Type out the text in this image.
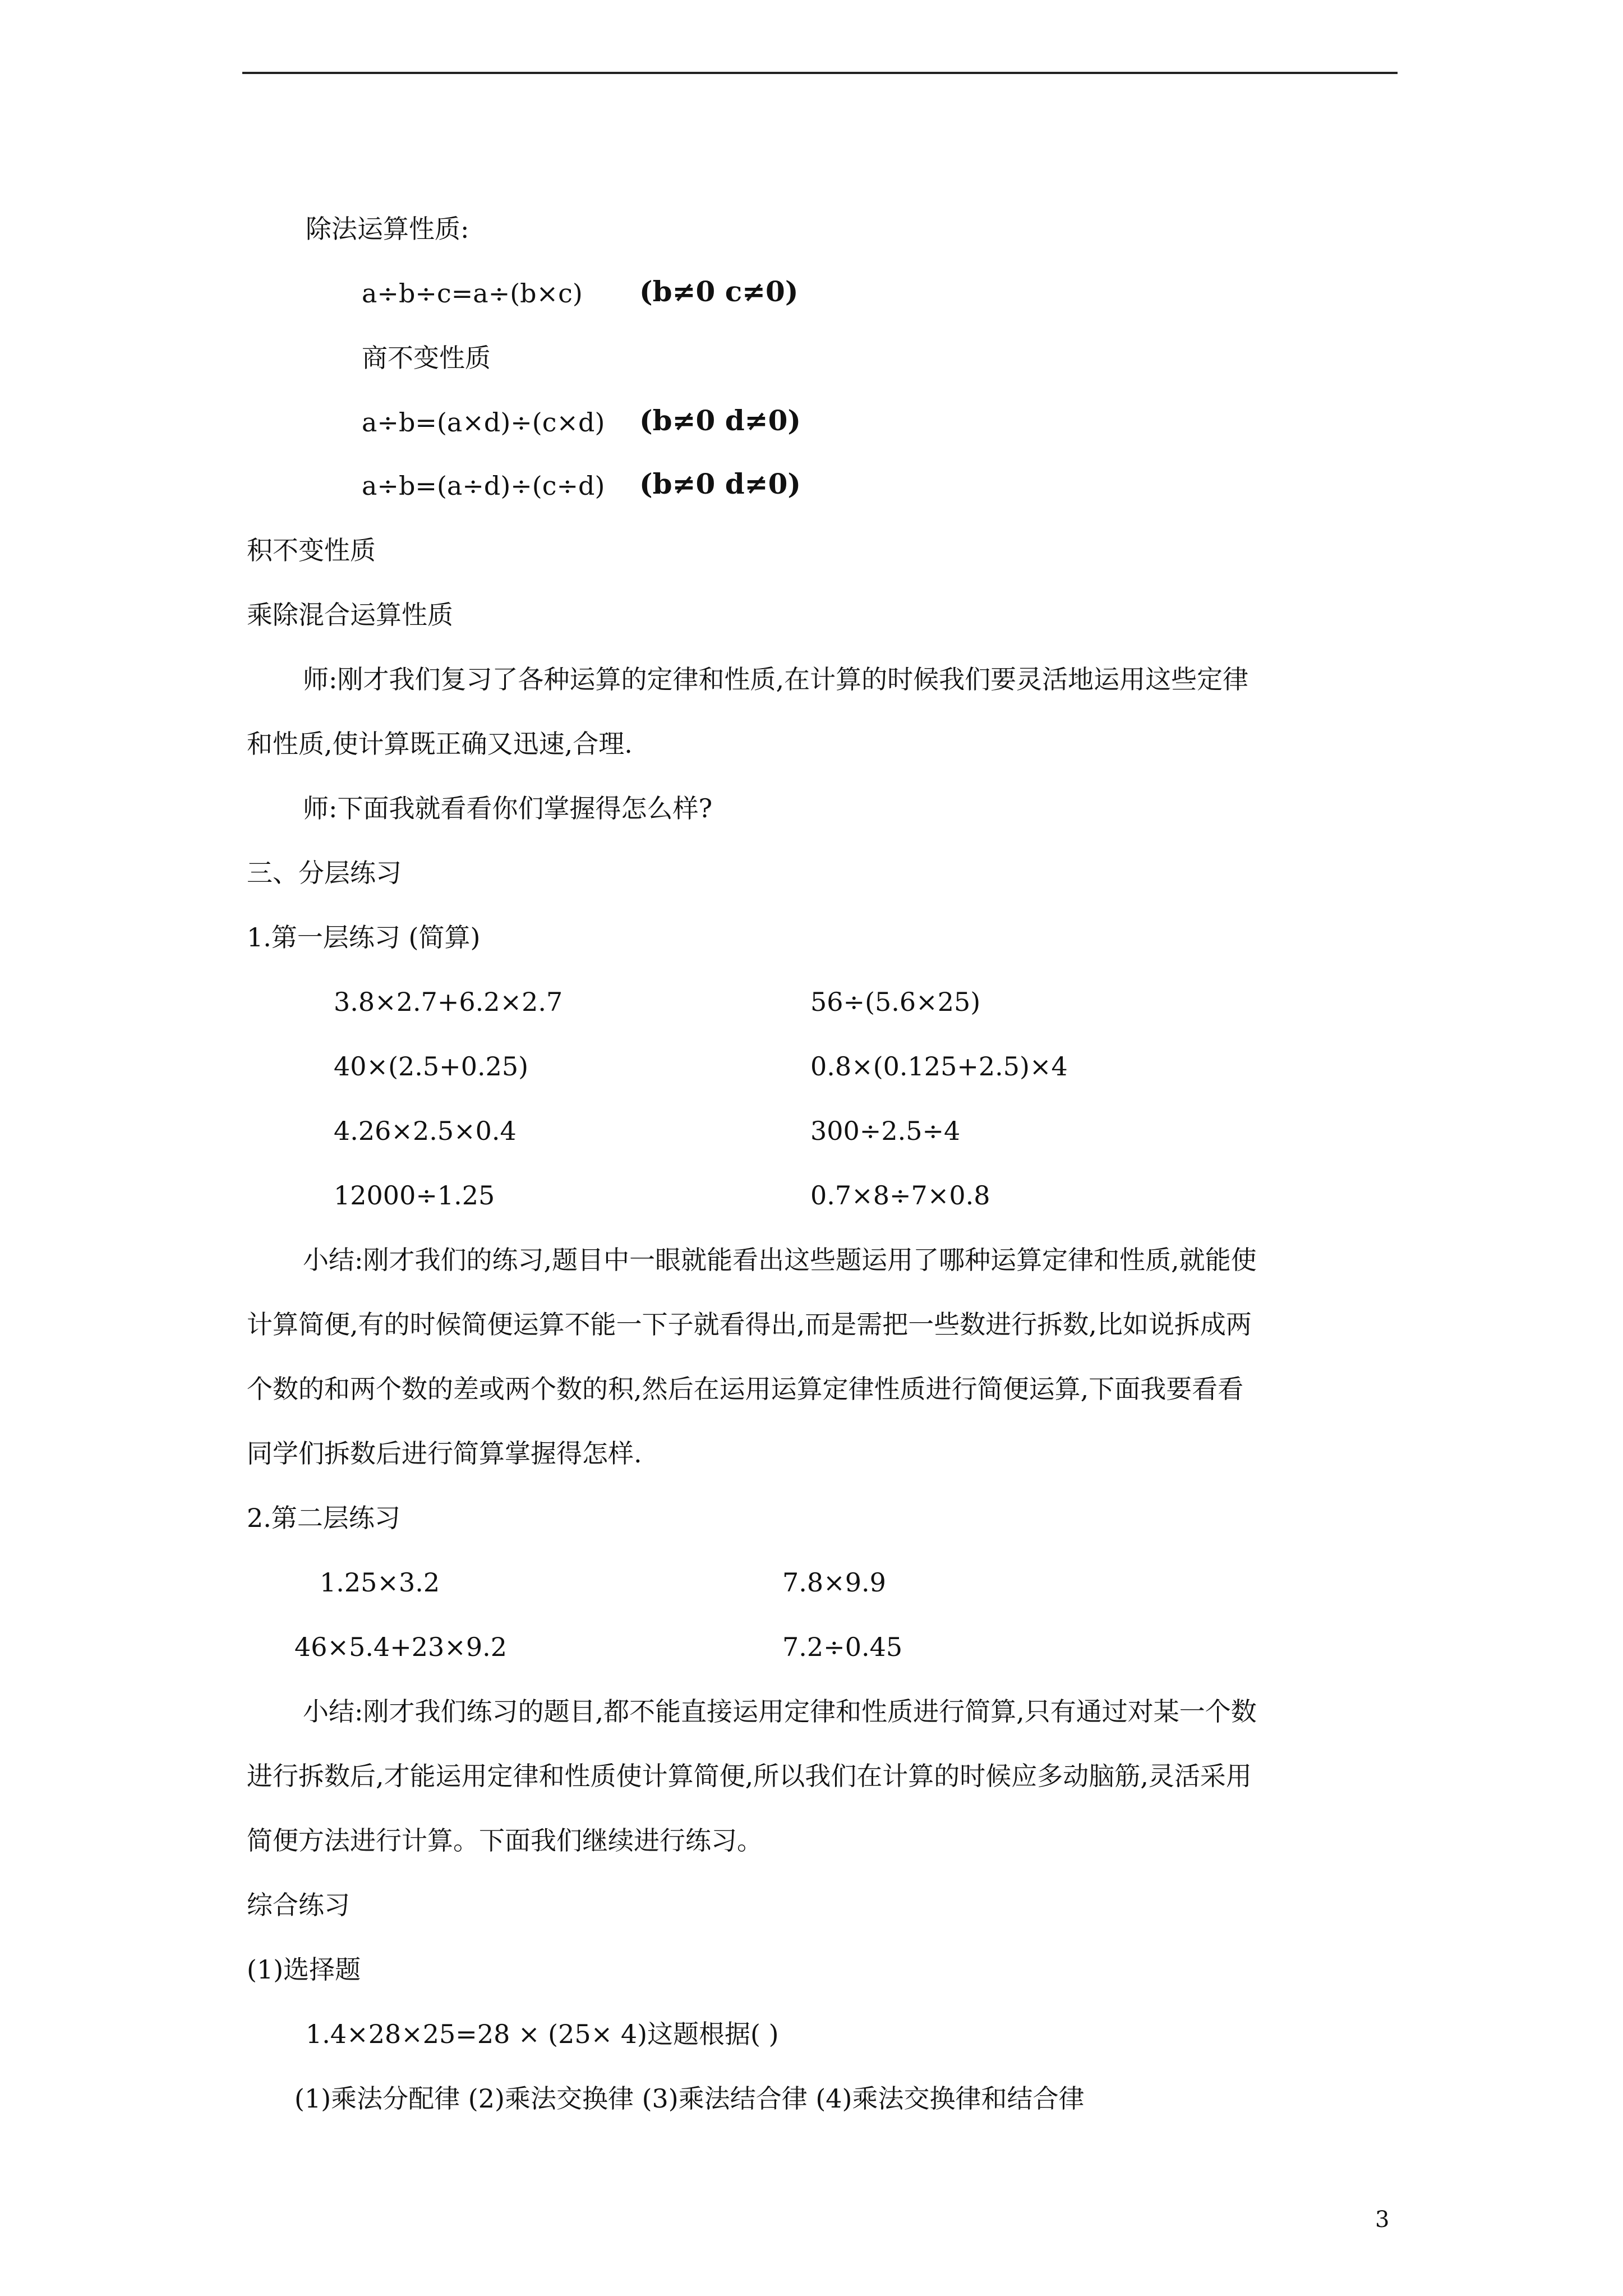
除法运算性质:
a÷b÷c=a÷(b×c) (b≠0 c≠0)
商不变性质
a÷b=(a×d)÷(c×d) (b≠0 d≠0)
a÷b=(a÷d)÷(c÷d) (b≠0 d≠0)
积不变性质
乘除混合运算性质
师:刚才我们复习了各种运算的定律和性质,在计算的时候我们要灵活地运用这些定律
和性质,使计算既正确又迅速,合理.
师:下面我就看看你们掌握得怎么样?
三、分层练习
1.第一层练习 (简算)
3.8×2.7+6.2×2.7	56÷(5.6×25)
40×(2.5+0.25)	0.8×(0.125+2.5)×4
4.26×2.5×0.4	300÷2.5÷4
12000÷1.25	0.7×8÷7×0.8
小结:刚才我们的练习,题目中一眼就能看出这些题运用了哪种运算定律和性质,就能使
计算简便,有的时候简便运算不能一下子就看得出,而是需把一些数进行拆数,比如说拆成两
个数的和两个数的差或两个数的积,然后在运用运算定律性质进行简便运算,下面我要看看
同学们拆数后进行简算掌握得怎样.
2.第二层练习
1.25×3.2	7.8×9.9
46×5.4+23×9.2	7.2÷0.45
小结:刚才我们练习的题目,都不能直接运用定律和性质进行简算,只有通过对某一个数
进行拆数后,才能运用定律和性质使计算简便,所以我们在计算的时候应多动脑筋,灵活采用
简便方法进行计算。下面我们继续进行练习。
综合练习
(1)选择题
1.4×28×25=28 × (25× 4)这题根据( )
(1)乘法分配律 (2)乘法交换律 (3)乘法结合律 (4)乘法交换律和结合律
3
